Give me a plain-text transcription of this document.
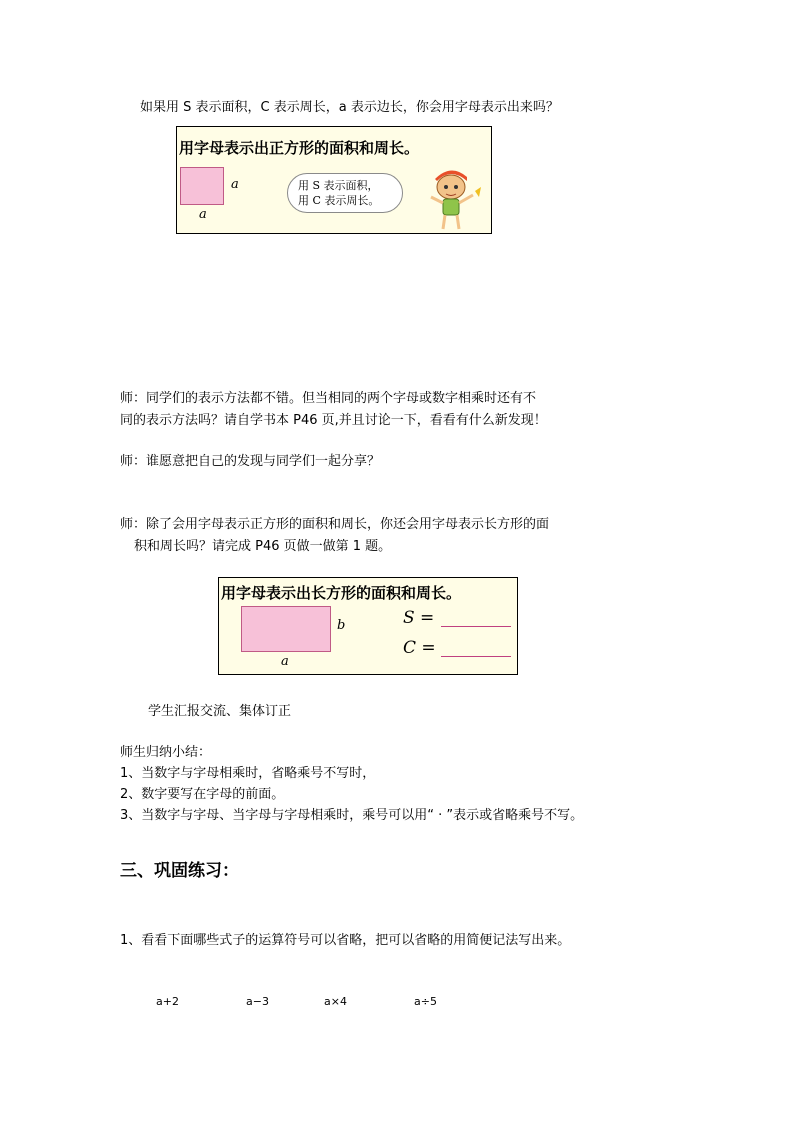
如果用 S 表示面积，C 表示周长，a 表示边长，你会用字母表示出来吗？
用字母表示出正方形的面积和周长。
a
a
用 S 表示面积，
用 C 表示周长。
师：同学们的表示方法都不错。但当相同的两个字母或数字相乘时还有不
同的表示方法吗？请自学书本 P46 页,并且讨论一下，看看有什么新发现！
师：谁愿意把自己的发现与同学们一起分享？
师：除了会用字母表示正方形的面积和周长，你还会用字母表示长方形的面
积和周长吗？请完成 P46 页做一做第 1 题。
用字母表示出长方形的面积和周长。
b
a
S =
C =
学生汇报交流、集体订正
师生归纳小结：
1、当数字与字母相乘时，省略乘号不写时，
2、数字要写在字母的前面。
3、当数字与字母、当字母与字母相乘时，乘号可以用“ · ”表示或省略乘号不写。
三、巩固练习：
1、看看下面哪些式子的运算符号可以省略，把可以省略的用简便记法写出来。
a+2	a−3	a×4	a÷5
